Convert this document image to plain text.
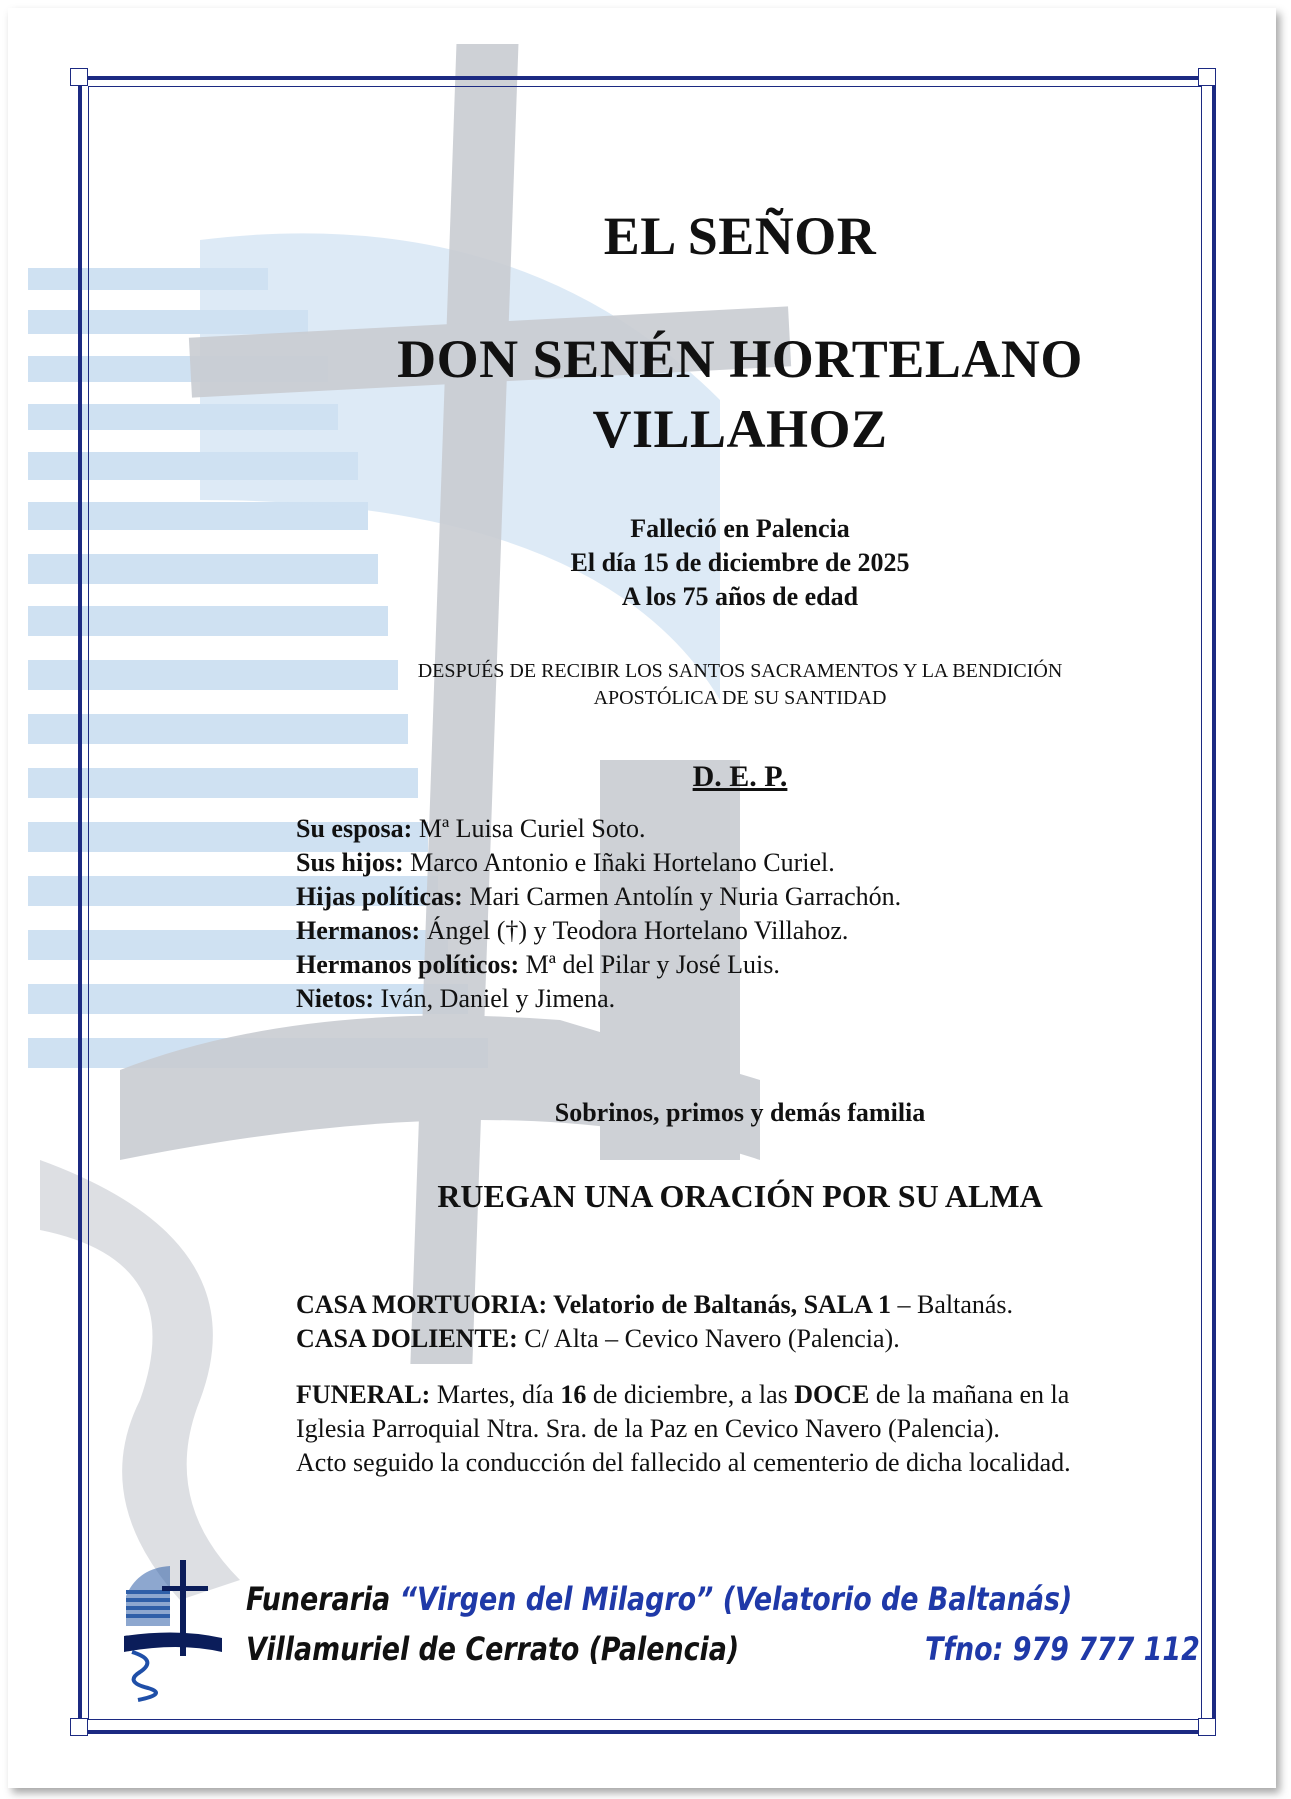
EL SEÑOR
DON SENÉN HORTELANO
VILLAHOZ
Falleció en Palencia
El día 15 de diciembre de 2025
A los 75 años de edad
DESPUÉS DE RECIBIR LOS SANTOS SACRAMENTOS Y LA BENDICIÓN
APOSTÓLICA DE SU SANTIDAD
D. E. P.
Su esposa: Mª Luisa Curiel Soto.
Sus hijos: Marco Antonio e Iñaki Hortelano Curiel.
Hijas políticas: Mari Carmen Antolín y Nuria Garrachón.
Hermanos: Ángel (†) y Teodora Hortelano Villahoz.
Hermanos políticos: Mª del Pilar y José Luis.
Nietos: Iván, Daniel y Jimena.
Sobrinos, primos y demás familia
RUEGAN UNA ORACIÓN POR SU ALMA
CASA MORTUORIA: Velatorio de Baltanás, SALA 1 – Baltanás.
CASA DOLIENTE: C/ Alta – Cevico Navero (Palencia).
FUNERAL: Martes, día 16 de diciembre, a las DOCE de la mañana en la
Iglesia Parroquial Ntra. Sra. de la Paz en Cevico Navero (Palencia).
Acto seguido la conducción del fallecido al cementerio de dicha localidad.
Funeraria “Virgen del Milagro” (Velatorio de Baltanás)
Villamuriel de Cerrato (Palencia)	Tfno: 979 777 112
